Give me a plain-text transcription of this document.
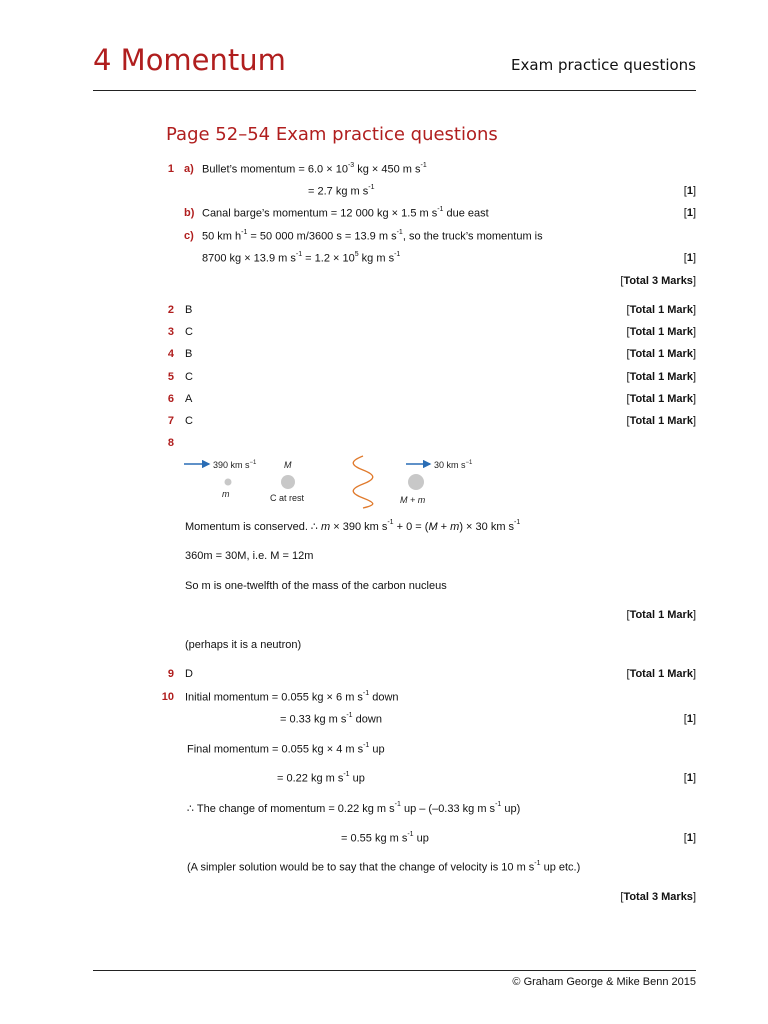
4 Momentum	Exam practice questions
Page 52–54 Exam practice questions
1 a) Bullet’s momentum = $6.0 \times 10^{-3}$ kg × 450 m $s^{-1}$
= 2.7 kg m $s^{-1}$	[1]
b) Canal barge’s momentum = 12 000 kg × 1.5 m $s^{-1}$ due east	[1]
c) 50 km $h^{-1} = 50$ 000 m/3600 s = 13.9 m $s^{-1}$, so the truck’s momentum is
8700 kg × 13.9 m $s^{-1} = 1.2 \times 10^5$ kg m $s^{-1}$	[1]
[Total 3 Marks]
2 B	[Total 1 Mark]
3 C	[Total 1 Mark]
4 B	[Total 1 Mark]
5 C	[Total 1 Mark]
6 A	[Total 1 Mark]
7 C	[Total 1 Mark]
8
390 km $s^{-1}$	M
m	C at rest
30 km $s^{-1}$
M + m
Momentum is conserved. ∴ m × 390 km $s^{-1} + 0 = (M + m) \times 30$ km $s^{-1}$
360m = 30M, i.e. M = 12m
So m is one-twelfth of the mass of the carbon nucleus
[Total 1 Mark]
(perhaps it is a neutron)
9 D	[Total 1 Mark]
10 Initial momentum = 0.055 kg × 6 m $s^{-1}$ down
= 0.33 kg m $s^{-1}$ down	[1]
Final momentum = 0.055 kg × 4 m $s^{-1}$ up
= 0.22 kg m $s^{-1}$ up	[1]
∴ The change of momentum = 0.22 kg m $s^{-1}$ up – (–0.33 kg m $s^{-1}$ up)
= 0.55 kg m $s^{-1}$ up	[1]
(A simpler solution would be to say that the change of velocity is 10 m $s^{-1}$ up etc.)
[Total 3 Marks]
© Graham George & Mike Benn 2015
